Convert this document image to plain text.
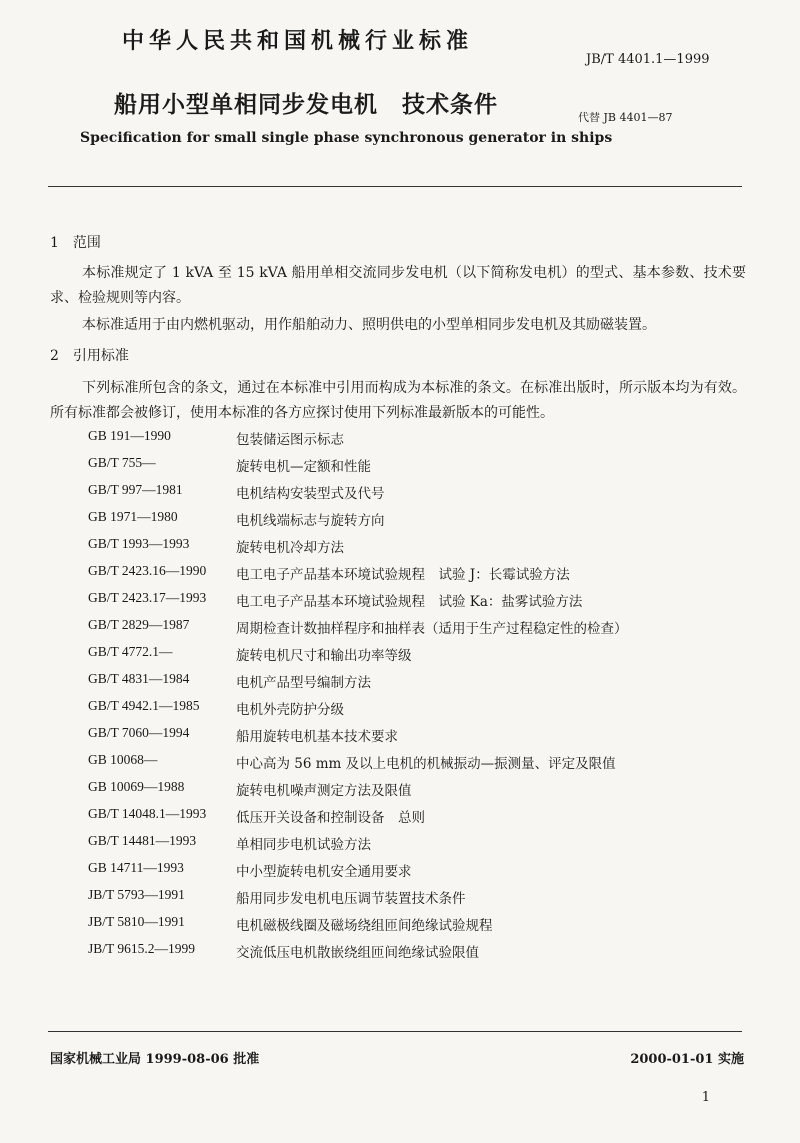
中华人民共和国机械行业标准
JB/T 4401.1—1999
船用小型单相同步发电机　技术条件	代替 JB 4401—87
Specification for small single phase synchronous generator in ships
1　范围
本标准规定了 1 kVA 至 15 kVA 船用单相交流同步发电机（以下简称发电机）的型式、基本参数、技术要求、检验规则等内容。
本标准适用于由内燃机驱动，用作船舶动力、照明供电的小型单相同步发电机及其励磁装置。
2　引用标准
下列标准所包含的条文，通过在本标准中引用而构成为本标准的条文。在标准出版时，所示版本均为有效。所有标准都会被修订，使用本标准的各方应探讨使用下列标准最新版本的可能性。
GB 191—1990	包装储运图示标志
GB/T 755—	旋转电机—定额和性能
GB/T 997—1981	电机结构安装型式及代号
GB 1971—1980	电机线端标志与旋转方向
GB/T 1993—1993	旋转电机冷却方法
GB/T 2423.16—1990	电工电子产品基本环境试验规程　试验 J：长霉试验方法
GB/T 2423.17—1993	电工电子产品基本环境试验规程　试验 Ka：盐雾试验方法
GB/T 2829—1987	周期检查计数抽样程序和抽样表（适用于生产过程稳定性的检查）
GB/T 4772.1—	旋转电机尺寸和输出功率等级
GB/T 4831—1984	电机产品型号编制方法
GB/T 4942.1—1985	电机外壳防护分级
GB/T 7060—1994	船用旋转电机基本技术要求
GB 10068—	中心高为 56 mm 及以上电机的机械振动—振测量、评定及限值
GB 10069—1988	旋转电机噪声测定方法及限值
GB/T 14048.1—1993	低压开关设备和控制设备　总则
GB/T 14481—1993	单相同步电机试验方法
GB 14711—1993	中小型旋转电机安全通用要求
JB/T 5793—1991	船用同步发电机电压调节装置技术条件
JB/T 5810—1991	电机磁极线圈及磁场绕组匝间绝缘试验规程
JB/T 9615.2—1999	交流低压电机散嵌绕组匝间绝缘试验限值
国家机械工业局 1999-08-06 批准	2000-01-01 实施
1
